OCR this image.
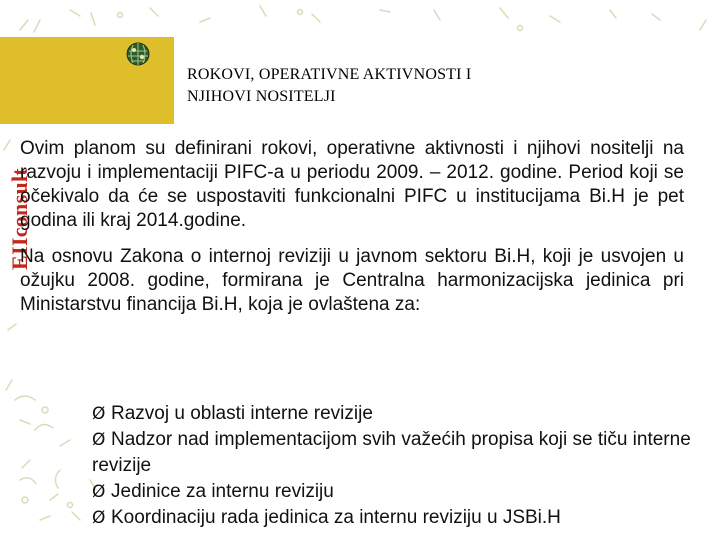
ROKOVI, OPERATIVNE AKTIVNOSTI I
NJIHOVI NOSITELJI
EIIconsult

Ovim planom su definirani rokovi, operativne aktivnosti i njihovi nositelji na razvoju i implementaciji PIFC-a u periodu 2009. – 2012. godine. Period koji se očekivalo da će se uspostaviti funkcionalni PIFC u institucijama Bi.H je pet godina ili kraj 2014.godine.

Na osnovu Zakona o internoj reviziji u javnom sektoru Bi.H, koji je usvojen u ožujku 2008. godine, formirana je Centralna harmonizacijska jedinica pri Ministarstvu financija Bi.H, koja je ovlaštena za:

Ø Razvoj u oblasti interne revizije
Ø Nadzor nad implementacijom svih važećih propisa koji se tiču interne revizije
Ø Jedinice za internu reviziju
Ø Koordinaciju rada jedinica za internu reviziju u JSBi.H
